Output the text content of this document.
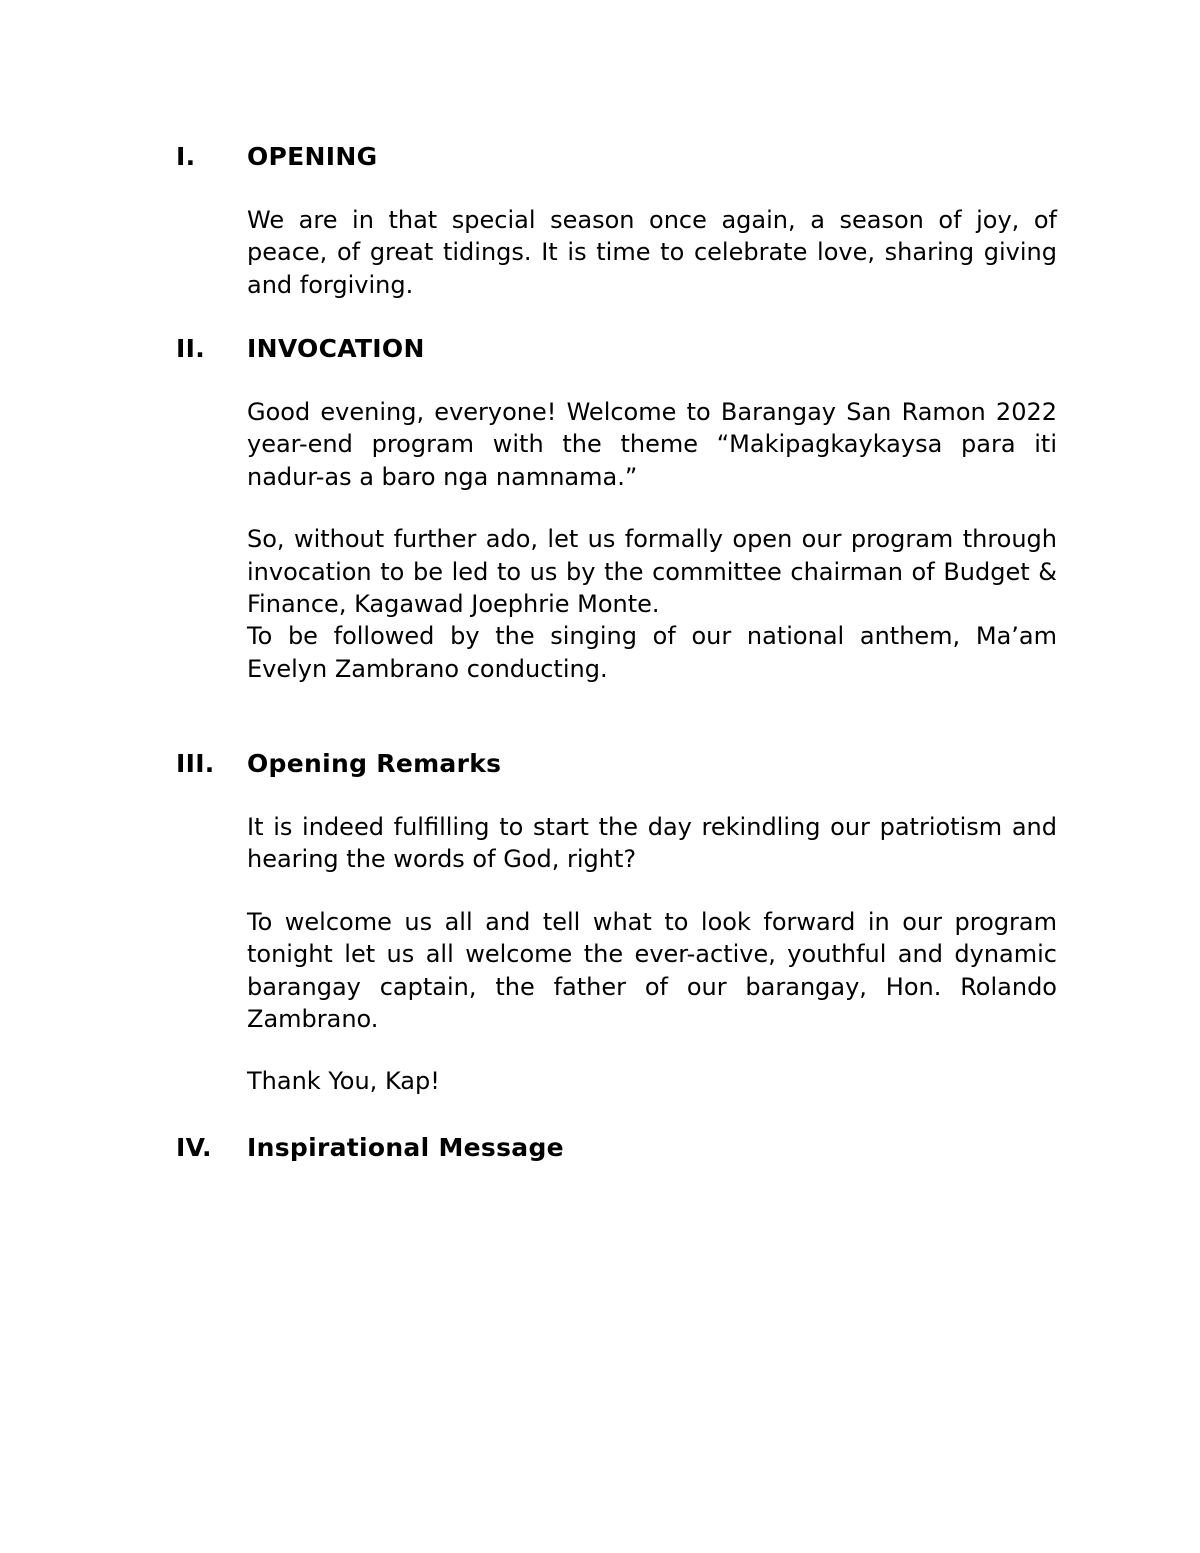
I.	OPENING

We are in that special season once again, a season of joy, of peace, of great tidings. It is time to celebrate love, sharing giving and forgiving.

II.	INVOCATION

Good evening, everyone! Welcome to Barangay San Ramon 2022 year-end program with the theme “Makipagkaykaysa para iti nadur-as a baro nga namnama.”

So, without further ado, let us formally open our program through invocation to be led to us by the committee chairman of Budget & Finance, Kagawad Joephrie Monte.

To be followed by the singing of our national anthem, Ma’am Evelyn Zambrano conducting.

III.	Opening Remarks

It is indeed fulfilling to start the day rekindling our patriotism and hearing the words of God, right?

To welcome us all and tell what to look forward in our program tonight let us all welcome the ever-active, youthful and dynamic barangay captain, the father of our barangay, Hon. Rolando Zambrano.

Thank You, Kap!

IV.	Inspirational Message
